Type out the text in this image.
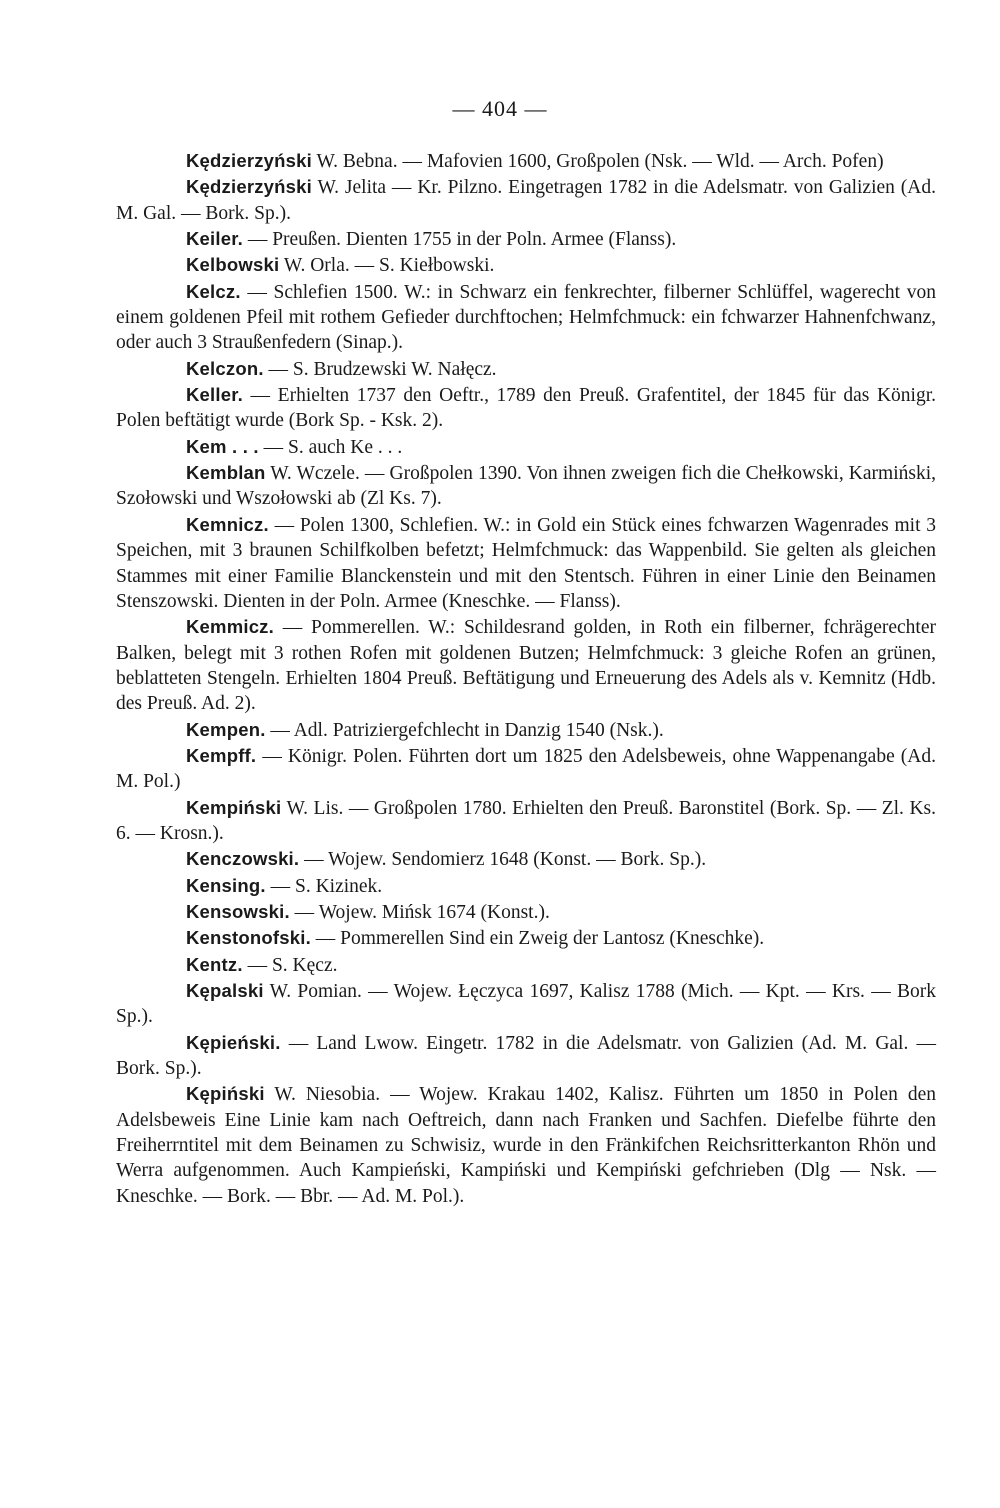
— 404 —

Kędzierzyński W. Bebna. — Mafovien 1600, Großpolen (Nsk. — Wld. — Arch. Pofen)

Kędzierzyński W. Jelita — Kr. Pilzno. Eingetragen 1782 in die Adelsmatr. von Galizien (Ad. M. Gal. — Bork. Sp.).

Keiler. — Preußen. Dienten 1755 in der Poln. Armee (Flanss).

Kelbowski W. Orla. — S. Kiełbowski.

Kelcz. — Schlefien 1500. W.: in Schwarz ein fenkrechter, filberner Schlüffel, wagerecht von einem goldenen Pfeil mit rothem Gefieder durchftochen; Helmfchmuck: ein fchwarzer Hahnenfchwanz, oder auch 3 Straußenfedern (Sinap.).

Kelczon. — S. Brudzewski W. Nałęcz.

Keller. — Erhielten 1737 den Oeftr., 1789 den Preuß. Grafentitel, der 1845 für das Königr. Polen beftätigt wurde (Bork Sp. - Ksk. 2).

Kem . . . — S. auch Ke . . .

Kemblan W. Wczele. — Großpolen 1390. Von ihnen zweigen fich die Chełkowski, Karmiński, Szołowski und Wszołowski ab (Zl Ks. 7).

Kemnicz. — Polen 1300, Schlefien. W.: in Gold ein Stück eines fchwarzen Wagenrades mit 3 Speichen, mit 3 braunen Schilfkolben befetzt; Helmfchmuck: das Wappenbild. Sie gelten als gleichen Stammes mit einer Familie Blanckenstein und mit den Stentsch. Führen in einer Linie den Beinamen Stenszowski. Dienten in der Poln. Armee (Kneschke. — Flanss).

Kemmicz. — Pommerellen. W.: Schildesrand golden, in Roth ein filberner, fchrägerechter Balken, belegt mit 3 rothen Rofen mit goldenen Butzen; Helmfchmuck: 3 gleiche Rofen an grünen, beblatteten Stengeln. Erhielten 1804 Preuß. Beftätigung und Erneuerung des Adels als v. Kemnitz (Hdb. des Preuß. Ad. 2).

Kempen. — Adl. Patriziergefchlecht in Danzig 1540 (Nsk.).

Kempff. — Königr. Polen. Führten dort um 1825 den Adelsbeweis, ohne Wappenangabe (Ad. M. Pol.)

Kempiński W. Lis. — Großpolen 1780. Erhielten den Preuß. Baronstitel (Bork. Sp. — Zl. Ks. 6. — Krosn.).

Kenczowski. — Wojew. Sendomierz 1648 (Konst. — Bork. Sp.).

Kensing. — S. Kizinek.

Kensowski. — Wojew. Mińsk 1674 (Konst.).

Kenstonofski. — Pommerellen Sind ein Zweig der Lantosz (Kneschke).

Kentz. — S. Kęcz.

Kępalski W. Pomian. — Wojew. Łęczyca 1697, Kalisz 1788 (Mich. — Kpt. — Krs. — Bork Sp.).

Kępieński. — Land Lwow. Eingetr. 1782 in die Adelsmatr. von Galizien (Ad. M. Gal. — Bork. Sp.).

Kępiński W. Niesobia. — Wojew. Krakau 1402, Kalisz. Führten um 1850 in Polen den Adelsbeweis Eine Linie kam nach Oeftreich, dann nach Franken und Sachfen. Diefelbe führte den Freiherrntitel mit dem Beinamen zu Schwisiz, wurde in den Fränkifchen Reichsritterkanton Rhön und Werra aufgenommen. Auch Kampieński, Kampiński und Kempiński gefchrieben (Dlg — Nsk. — Kneschke. — Bork. — Bbr. — Ad. M. Pol.).
